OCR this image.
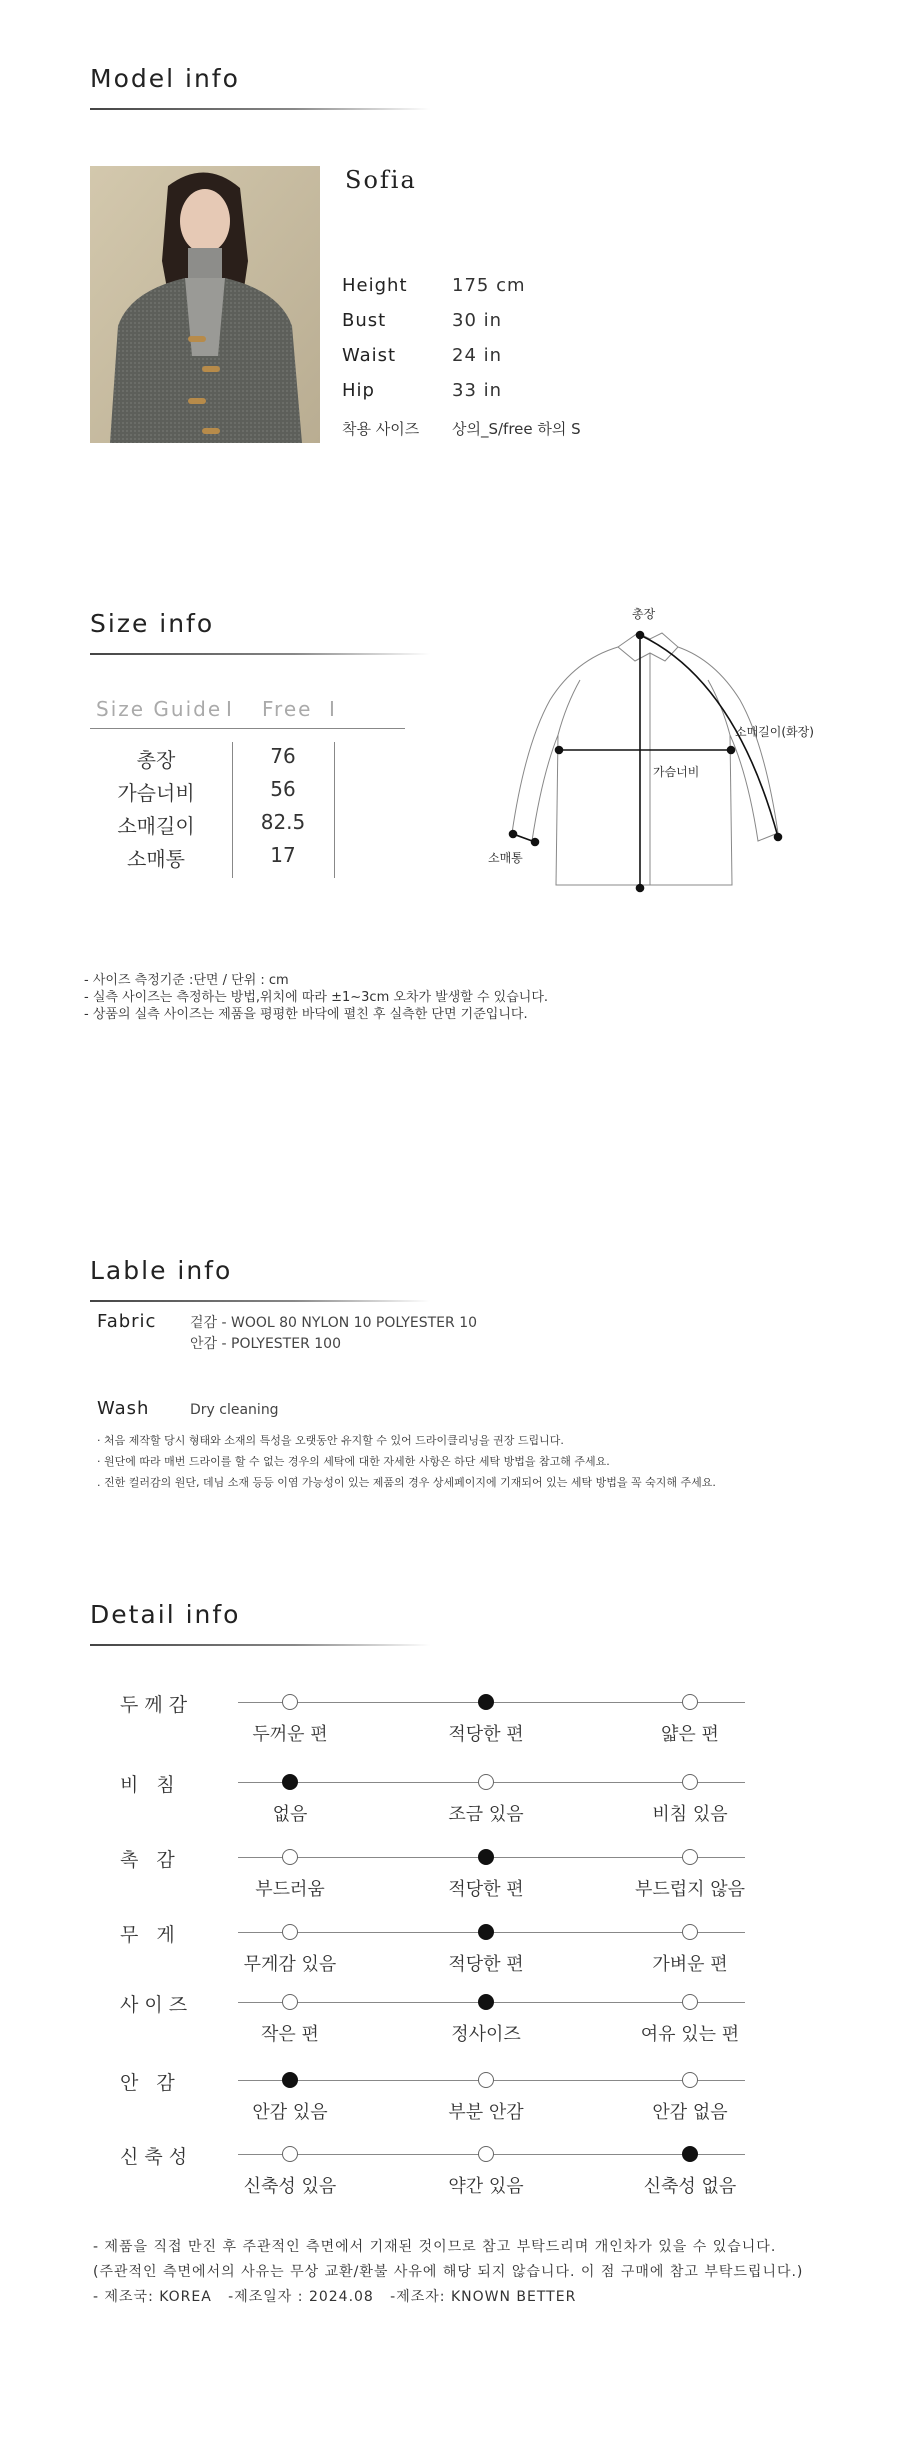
Model info
Sofia
Height 175 cm
Bust	30 in
Waist	24 in
Hip	33 in
착용 사이즈 상의_S/free 하의 S
Size info
Size Guide I Free I
총장	76
가슴너비	56
소매길이	82.5
소매통	17
총장
소매길이(화장)
가슴너비
소매통
- 사이즈 측정기준 :단면 / 단위 : cm
- 실측 사이즈는 측정하는 방법,위치에 따라 ±1~3cm 오차가 발생할 수 있습니다.
- 상품의 실측 사이즈는 제품을 평평한 바닥에 펼친 후 실측한 단면 기준입니다.
Lable info
Fabric 겉감 - WOOL 80 NYLON 10 POLYESTER 10
안감 - POLYESTER 100
Wash	Dry cleaning
· 처음 제작할 당시 형태와 소재의 특성을 오랫동안 유지할 수 있어 드라이클리닝을 권장 드립니다.
· 원단에 따라 매번 드라이를 할 수 없는 경우의 세탁에 대한 자세한 사항은 하단 세탁 방법을 참고해 주세요.
. 진한 컬러감의 원단, 데님 소재 등등 이염 가능성이 있는 제품의 경우 상세페이지에 기재되어 있는 세탁 방법을 꼭 숙지해 주세요.
Detail info
두께감
두꺼운 편	적당한 편	얇은 편
비 침
없음	조금 있음	비침 있음
촉 감
부드러움	적당한 편	부드럽지 않음
무 게
무게감 있음	적당한 편	가벼운 편
사이즈
작은 편	정사이즈	여유 있는 편
안 감
안감 있음	부분 안감	안감 없음
신축성
신축성 있음	약간 있음	신축성 없음
- 제품을 직접 만진 후 주관적인 측면에서 기재된 것이므로 참고 부탁드리며 개인차가 있을 수 있습니다.
(주관적인 측면에서의 사유는 무상 교환/환불 사유에 해당 되지 않습니다. 이 점 구매에 참고 부탁드립니다.)
- 제조국: KOREA   -제조일자 : 2024.08   -제조자: KNOWN BETTER
